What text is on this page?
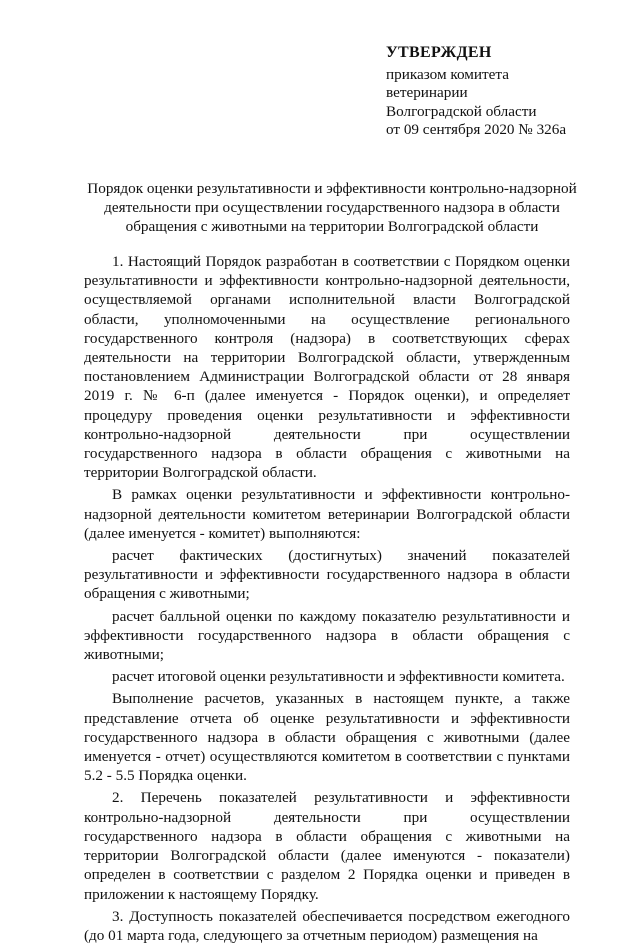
УТВЕРЖДЕН
приказом комитета
ветеринарии
Волгоградской области
от 09 сентября 2020 № 326а
Порядок оценки результативности и эффективности контрольно-надзорной
деятельности при осуществлении государственного надзора в области
обращения с животными на территории Волгоградской области

1. Настоящий Порядок разработан в соответствии с Порядком оценки результативности и эффективности контрольно-надзорной деятельности, осуществляемой органами исполнительной власти Волгоградской области, уполномоченными на осуществление регионального государственного контроля (надзора) в соответствующих сферах деятельности на территории Волгоградской области, утвержденным постановлением Администрации Волгоградской области от 28 января 2019 г. № 6-п (далее именуется - Порядок оценки), и определяет процедуру проведения оценки результативности и эффективности контрольно-надзорной деятельности при осуществлении государственного надзора в области обращения с животными на территории Волгоградской области.

В рамках оценки результативности и эффективности контрольно-надзорной деятельности комитетом ветеринарии Волгоградской области (далее именуется - комитет) выполняются:

расчет фактических (достигнутых) значений показателей результативности и эффективности государственного надзора в области обращения с животными;

расчет балльной оценки по каждому показателю результативности и эффективности государственного надзора в области обращения с животными;

расчет итоговой оценки результативности и эффективности комитета.

Выполнение расчетов, указанных в настоящем пункте, а также представление отчета об оценке результативности и эффективности государственного надзора в области обращения с животными (далее именуется - отчет) осуществляются комитетом в соответствии с пунктами 5.2 - 5.5 Порядка оценки.

2. Перечень показателей результативности и эффективности контрольно-надзорной деятельности при осуществлении государственного надзора в области обращения с животными на территории Волгоградской области (далее именуются - показатели) определен в соответствии с разделом 2 Порядка оценки и приведен в приложении к настоящему Порядку.

3. Доступность показателей обеспечивается посредством ежегодного (до 01 марта года, следующего за отчетным периодом) размещения на
